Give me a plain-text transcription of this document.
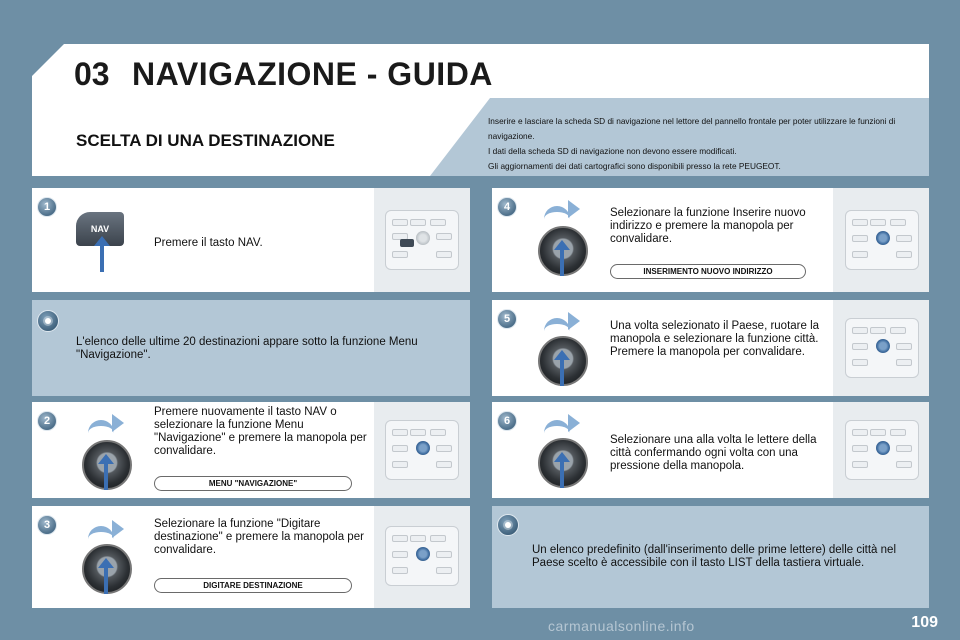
03 NAVIGAZIONE - GUIDA
SCELTA DI UNA DESTINAZIONE
Inserire e lasciare la scheda SD di navigazione nel lettore del pannello frontale per poter utilizzare le funzioni di navigazione.
I dati della scheda SD di navigazione non devono essere modificati.
Gli aggiornamenti dei dati cartografici sono disponibili presso la rete PEUGEOT.
1
NAV
Premere il tasto NAV.
L'elenco delle ultime 20 destinazioni appare sotto la funzione Menu "Navigazione".
2
Premere nuovamente il tasto NAV o selezionare la funzione Menu "Navigazione" e premere la manopola per convalidare.
MENU "NAVIGAZIONE"
3	Selezionare la funzione "Digitare destinazione" e premere la manopola per convalidare.
DIGITARE DESTINAZIONE
4	Selezionare la funzione Inserire nuovo indirizzo e premere la manopola per convalidare.
INSERIMENTO NUOVO INDIRIZZO
5
Una volta selezionato il Paese, ruotare la manopola e selezionare la funzione città. Premere la manopola per convalidare.
6
Selezionare una alla volta le lettere della città confermando ogni volta con una pressione della manopola.
Un elenco predefinito (dall'inserimento delle prime lettere) delle città nel Paese scelto è accessibile con il tasto LIST della tastiera virtuale.
carmanualsonline.info	109
